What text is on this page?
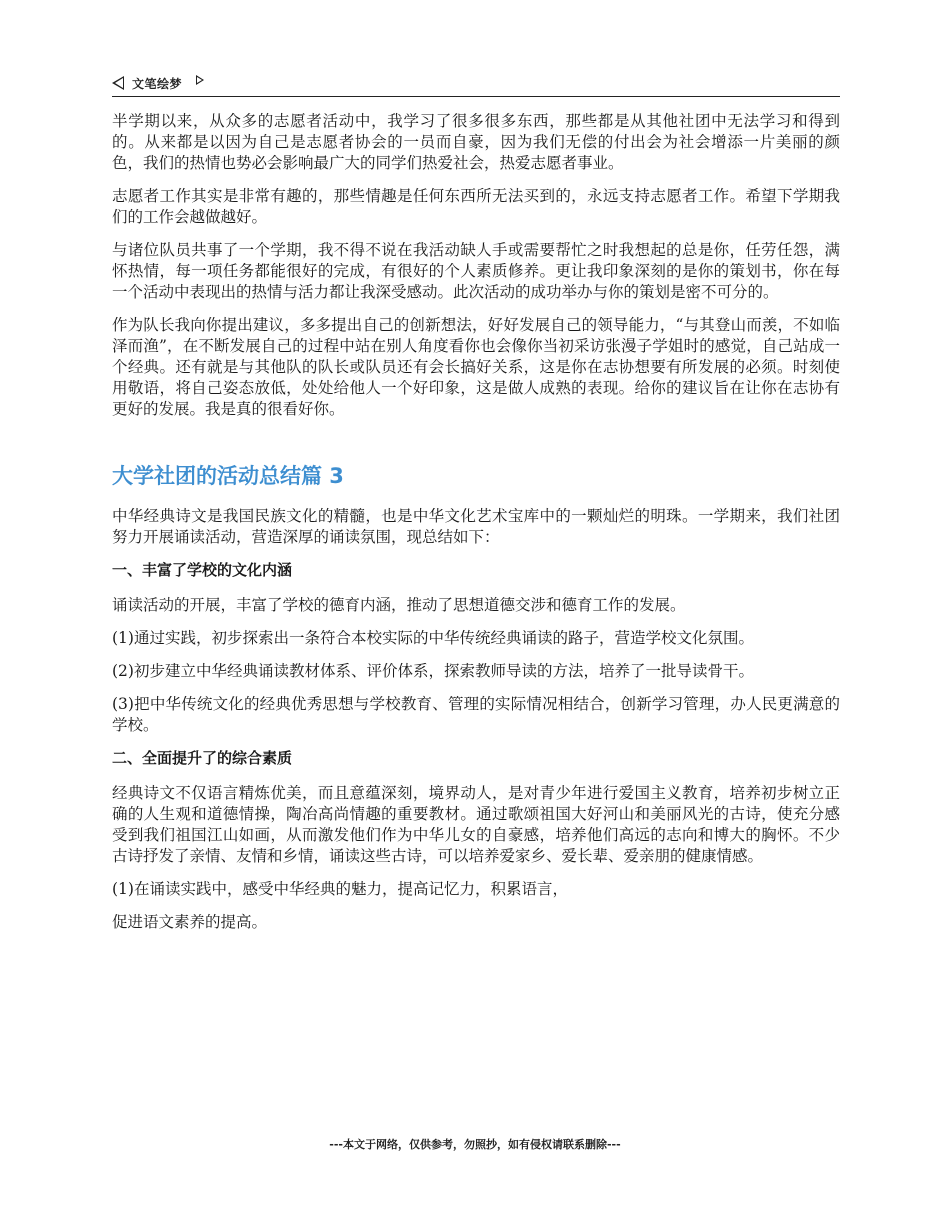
文笔绘梦

半学期以来，从众多的志愿者活动中，我学习了很多很多东西，那些都是从其他社团中无法学习和得到的。从来都是以因为自己是志愿者协会的一员而自豪，因为我们无偿的付出会为社会增添一片美丽的颜色，我们的热情也势必会影响最广大的同学们热爱社会，热爱志愿者事业。

志愿者工作其实是非常有趣的，那些情趣是任何东西所无法买到的，永远支持志愿者工作。希望下学期我们的工作会越做越好。

与诸位队员共事了一个学期，我不得不说在我活动缺人手或需要帮忙之时我想起的总是你，任劳任怨，满怀热情，每一项任务都能很好的完成，有很好的个人素质修养。更让我印象深刻的是你的策划书，你在每一个活动中表现出的热情与活力都让我深受感动。此次活动的成功举办与你的策划是密不可分的。

作为队长我向你提出建议，多多提出自己的创新想法，好好发展自己的领导能力，“与其登山而羡，不如临泽而渔”，在不断发展自己的过程中站在别人角度看你也会像你当初采访张漫子学姐时的感觉，自己站成一个经典。还有就是与其他队的队长或队员还有会长搞好关系，这是你在志协想要有所发展的必须。时刻使用敬语，将自己姿态放低，处处给他人一个好印象，这是做人成熟的表现。给你的建议旨在让你在志协有更好的发展。我是真的很看好你。

大学社团的活动总结篇 3

中华经典诗文是我国民族文化的精髓，也是中华文化艺术宝库中的一颗灿烂的明珠。一学期来，我们社团努力开展诵读活动，营造深厚的诵读氛围，现总结如下：

一、丰富了学校的文化内涵

诵读活动的开展，丰富了学校的德育内涵，推动了思想道德交涉和德育工作的发展。

(1)通过实践，初步探索出一条符合本校实际的中华传统经典诵读的路子，营造学校文化氛围。

(2)初步建立中华经典诵读教材体系、评价体系，探索教师导读的方法，培养了一批导读骨干。

(3)把中华传统文化的经典优秀思想与学校教育、管理的实际情况相结合，创新学习管理，办人民更满意的学校。

二、全面提升了的综合素质

经典诗文不仅语言精炼优美，而且意蕴深刻，境界动人，是对青少年进行爱国主义教育，培养初步树立正确的人生观和道德情操，陶冶高尚情趣的重要教材。通过歌颂祖国大好河山和美丽风光的古诗，使充分感受到我们祖国江山如画，从而激发他们作为中华儿女的自豪感，培养他们高远的志向和博大的胸怀。不少古诗抒发了亲情、友情和乡情，诵读这些古诗，可以培养爱家乡、爱长辈、爱亲朋的健康情感。

(1)在诵读实践中，感受中华经典的魅力，提高记忆力，积累语言，

促进语文素养的提高。

---本文于网络，仅供参考，勿照抄，如有侵权请联系删除---
